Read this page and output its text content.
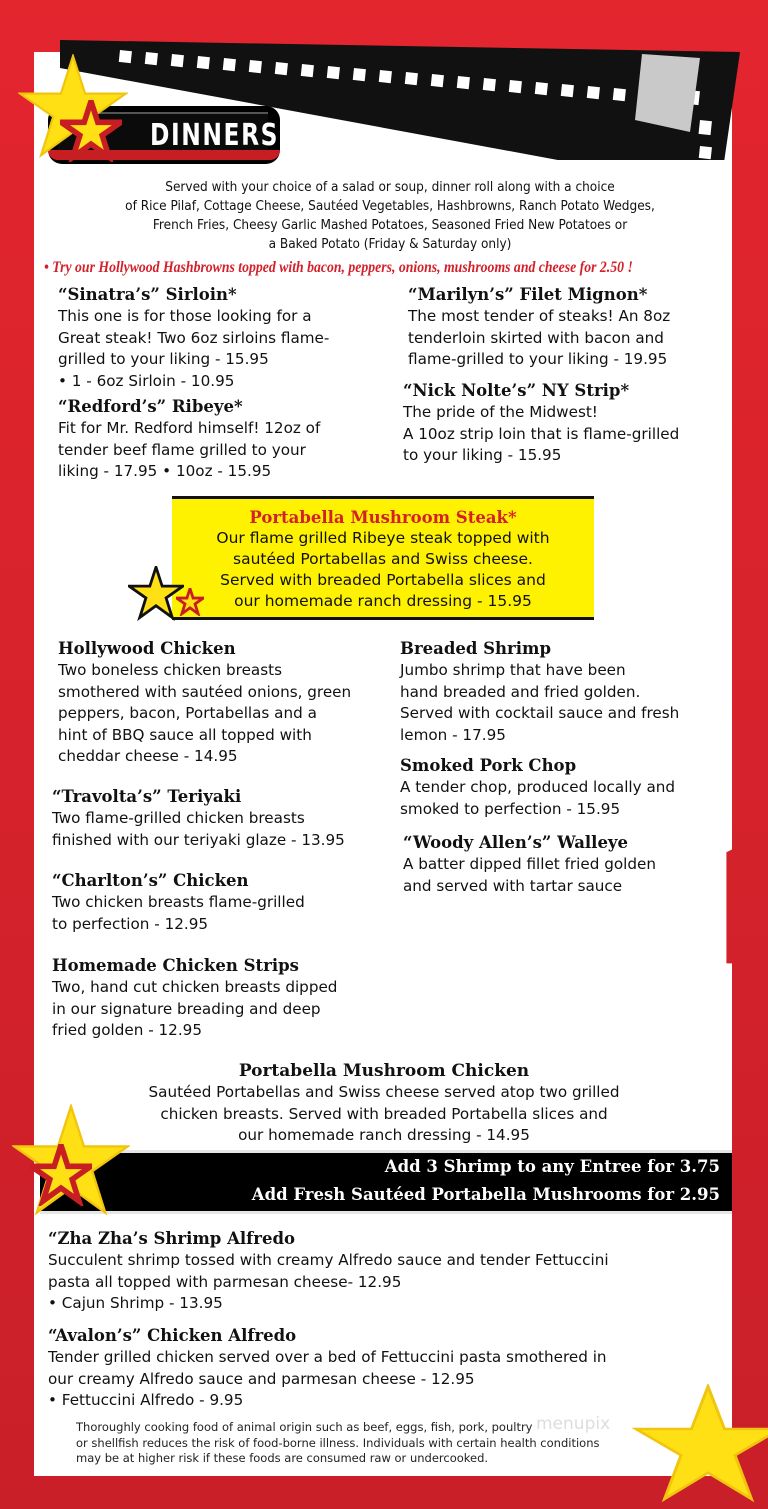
DINNERS
Served with your choice of a salad or soup, dinner roll along with a choice
of Rice Pilaf, Cottage Cheese, Sautéed Vegetables, Hashbrowns, Ranch Potato Wedges,
French Fries, Cheesy Garlic Mashed Potatoes, Seasoned Fried New Potatoes or
a Baked Potato (Friday & Saturday only)
• Try our Hollywood Hashbrowns topped with bacon, peppers, onions, mushrooms and cheese for 2.50 !
“Sinatra’s” Sirloin*
This one is for those looking for a
Great steak! Two 6oz sirloins flame-
grilled to your liking - 15.95
• 1 - 6oz Sirloin - 10.95
“Redford’s” Ribeye*
Fit for Mr. Redford himself! 12oz of
tender beef flame grilled to your
liking - 17.95 • 10oz - 15.95
“Marilyn’s” Filet Mignon*
The most tender of steaks! An 8oz
tenderloin skirted with bacon and
flame-grilled to your liking - 19.95
“Nick Nolte’s” NY Strip*
The pride of the Midwest!
A 10oz strip loin that is flame-grilled
to your liking - 15.95
Portabella Mushroom Steak*
Our flame grilled Ribeye steak topped with
sautéed Portabellas and Swiss cheese.
Served with breaded Portabella slices and
our homemade ranch dressing - 15.95
Hollywood Chicken
Two boneless chicken breasts
smothered with sautéed onions, green
peppers, bacon, Portabellas and a
hint of BBQ sauce all topped with
cheddar cheese - 14.95
“Travolta’s” Teriyaki
Two flame-grilled chicken breasts
finished with our teriyaki glaze - 13.95
“Charlton’s” Chicken
Two chicken breasts flame-grilled
to perfection - 12.95
Homemade Chicken Strips
Two, hand cut chicken breasts dipped
in our signature breading and deep
fried golden - 12.95
Breaded Shrimp
Jumbo shrimp that have been
hand breaded and fried golden.
Served with cocktail sauce and fresh
lemon - 17.95
Smoked Pork Chop
A tender chop, produced locally and
smoked to perfection - 15.95
“Woody Allen’s” Walleye
A batter dipped fillet fried golden
and served with tartar sauce
Portabella Mushroom Chicken
Sautéed Portabellas and Swiss cheese served atop two grilled
chicken breasts. Served with breaded Portabella slices and
our homemade ranch dressing - 14.95
Add 3 Shrimp to any Entree for 3.75
Add Fresh Sautéed Portabella Mushrooms for 2.95
“Zha Zha’s Shrimp Alfredo
Succulent shrimp tossed with creamy Alfredo sauce and tender Fettuccini
pasta all topped with parmesan cheese- 12.95
• Cajun Shrimp - 13.95
“Avalon’s” Chicken Alfredo
Tender grilled chicken served over a bed of Fettuccini pasta smothered in
our creamy Alfredo sauce and parmesan cheese - 12.95
• Fettuccini Alfredo - 9.95
Thoroughly cooking food of animal origin such as beef, eggs, fish, pork, poultry
or shellfish reduces the risk of food-borne illness. Individuals with certain health conditions
may be at higher risk if these foods are consumed raw or undercooked.
menupix
